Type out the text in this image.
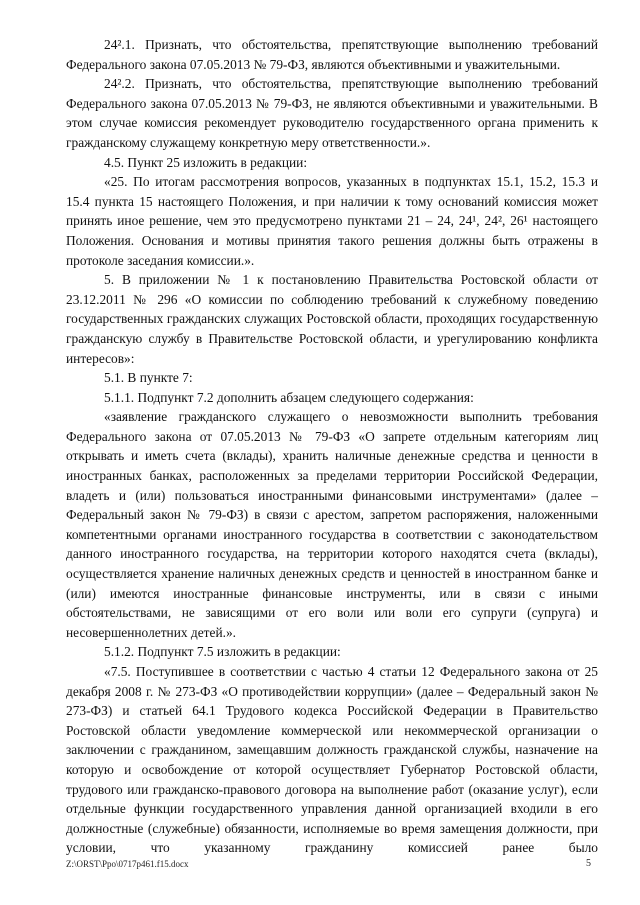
24².1. Признать, что обстоятельства, препятствующие выполнению требований Федерального закона 07.05.2013 № 79-ФЗ, являются объективными и уважительными.

24².2. Признать, что обстоятельства, препятствующие выполнению требований Федерального закона 07.05.2013 № 79-ФЗ, не являются объективными и уважительными. В этом случае комиссия рекомендует руководителю государственного органа применить к гражданскому служащему конкретную меру ответственности.».

4.5. Пункт 25 изложить в редакции:

«25. По итогам рассмотрения вопросов, указанных в подпунктах 15.1, 15.2, 15.3 и 15.4 пункта 15 настоящего Положения, и при наличии к тому оснований комиссия может принять иное решение, чем это предусмотрено пунктами 21 – 24, 24¹, 24², 26¹ настоящего Положения. Основания и мотивы принятия такого решения должны быть отражены в протоколе заседания комиссии.».

5. В приложении № 1 к постановлению Правительства Ростовской области от 23.12.2011 № 296 «О комиссии по соблюдению требований к служебному поведению государственных гражданских служащих Ростовской области, проходящих государственную гражданскую службу в Правительстве Ростовской области, и урегулированию конфликта интересов»:

5.1. В пункте 7:

5.1.1. Подпункт 7.2 дополнить абзацем следующего содержания:

«заявление гражданского служащего о невозможности выполнить требования Федерального закона от 07.05.2013 № 79-ФЗ «О запрете отдельным категориям лиц открывать и иметь счета (вклады), хранить наличные денежные средства и ценности в иностранных банках, расположенных за пределами территории Российской Федерации, владеть и (или) пользоваться иностранными финансовыми инструментами» (далее – Федеральный закон № 79-ФЗ) в связи с арестом, запретом распоряжения, наложенными компетентными органами иностранного государства в соответствии с законодательством данного иностранного государства, на территории которого находятся счета (вклады), осуществляется хранение наличных денежных средств и ценностей в иностранном банке и (или) имеются иностранные финансовые инструменты, или в связи с иными обстоятельствами, не зависящими от его воли или воли его супруги (супруга) и несовершеннолетних детей.».

5.1.2. Подпункт 7.5 изложить в редакции:

«7.5. Поступившее в соответствии с частью 4 статьи 12 Федерального закона от 25 декабря 2008 г. № 273-ФЗ «О противодействии коррупции» (далее – Федеральный закон № 273-ФЗ) и статьей 64.1 Трудового кодекса Российской Федерации в Правительство Ростовской области уведомление коммерческой или некоммерческой организации о заключении с гражданином, замещавшим должность гражданской службы, назначение на которую и освобождение от которой осуществляет Губернатор Ростовской области, трудового или гражданско-правового договора на выполнение работ (оказание услуг), если отдельные функции государственного управления данной организацией входили в его должностные (служебные) обязанности, исполняемые во время замещения должности, при условии, что указанному гражданину комиссией ранее было

Z:\ORST\Ppo\0717p461.f15.docx	5
